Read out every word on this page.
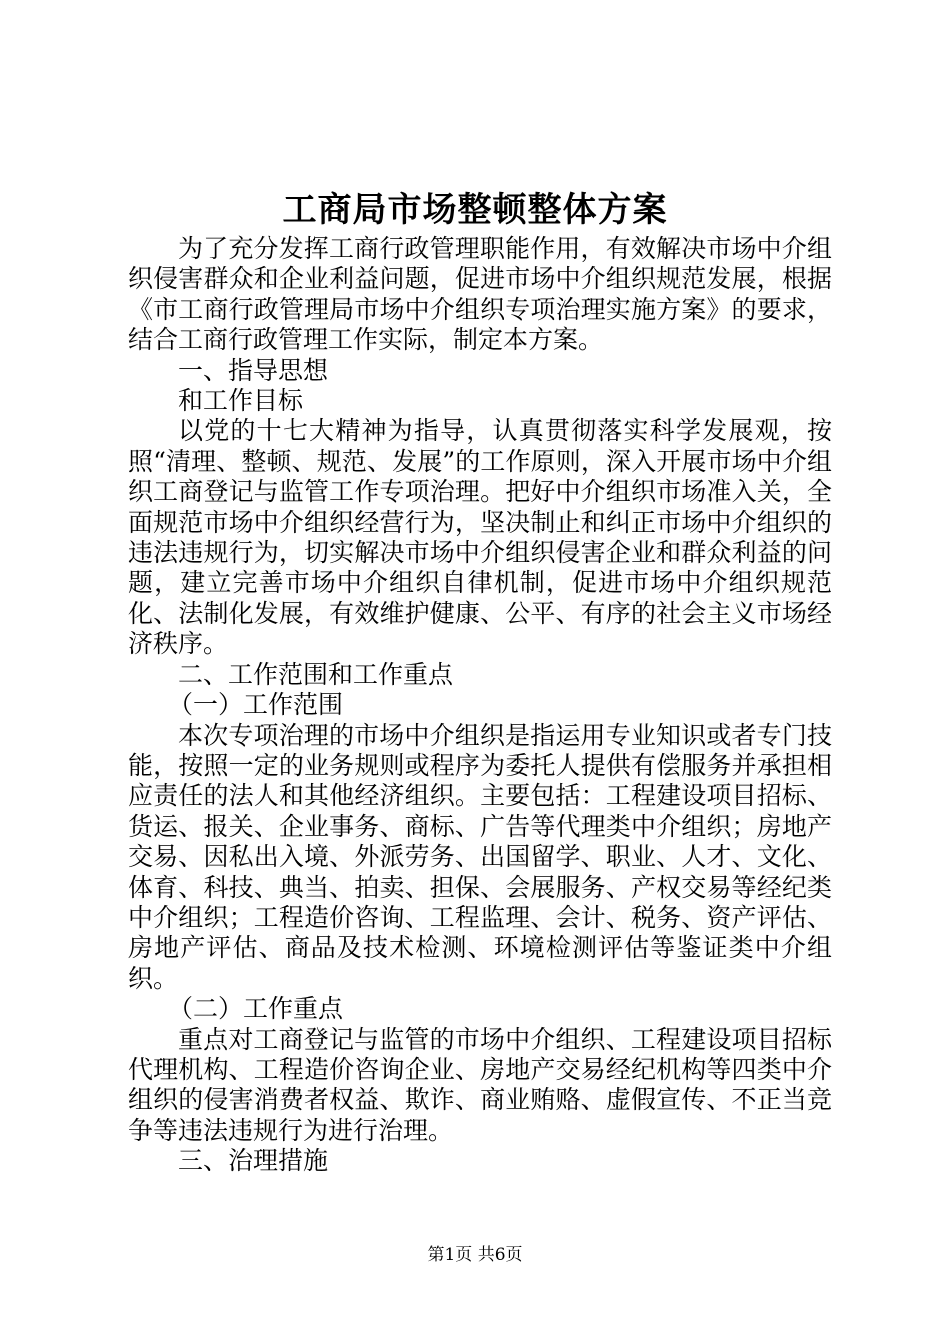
工商局市场整顿整体方案

为了充分发挥工商行政管理职能作用，有效解决市场中介组织侵害群众和企业利益问题，促进市场中介组织规范发展，根据《市工商行政管理局市场中介组织专项治理实施方案》的要求，结合工商行政管理工作实际，制定本方案。

一、指导思想

和工作目标

以党的十七大精神为指导，认真贯彻落实科学发展观，按照“清理、整顿、规范、发展”的工作原则，深入开展市场中介组织工商登记与监管工作专项治理。把好中介组织市场准入关，全面规范市场中介组织经营行为，坚决制止和纠正市场中介组织的违法违规行为，切实解决市场中介组织侵害企业和群众利益的问题，建立完善市场中介组织自律机制，促进市场中介组织规范化、法制化发展，有效维护健康、公平、有序的社会主义市场经济秩序。

二、工作范围和工作重点

（一）工作范围

本次专项治理的市场中介组织是指运用专业知识或者专门技能，按照一定的业务规则或程序为委托人提供有偿服务并承担相应责任的法人和其他经济组织。主要包括：工程建设项目招标、货运、报关、企业事务、商标、广告等代理类中介组织；房地产交易、因私出入境、外派劳务、出国留学、职业、人才、文化、体育、科技、典当、拍卖、担保、会展服务、产权交易等经纪类中介组织；工程造价咨询、工程监理、会计、税务、资产评估、房地产评估、商品及技术检测、环境检测评估等鉴证类中介组织。

（二）工作重点

重点对工商登记与监管的市场中介组织、工程建设项目招标代理机构、工程造价咨询企业、房地产交易经纪机构等四类中介组织的侵害消费者权益、欺诈、商业贿赂、虚假宣传、不正当竞争等违法违规行为进行治理。

三、治理措施

第1页 共6页
